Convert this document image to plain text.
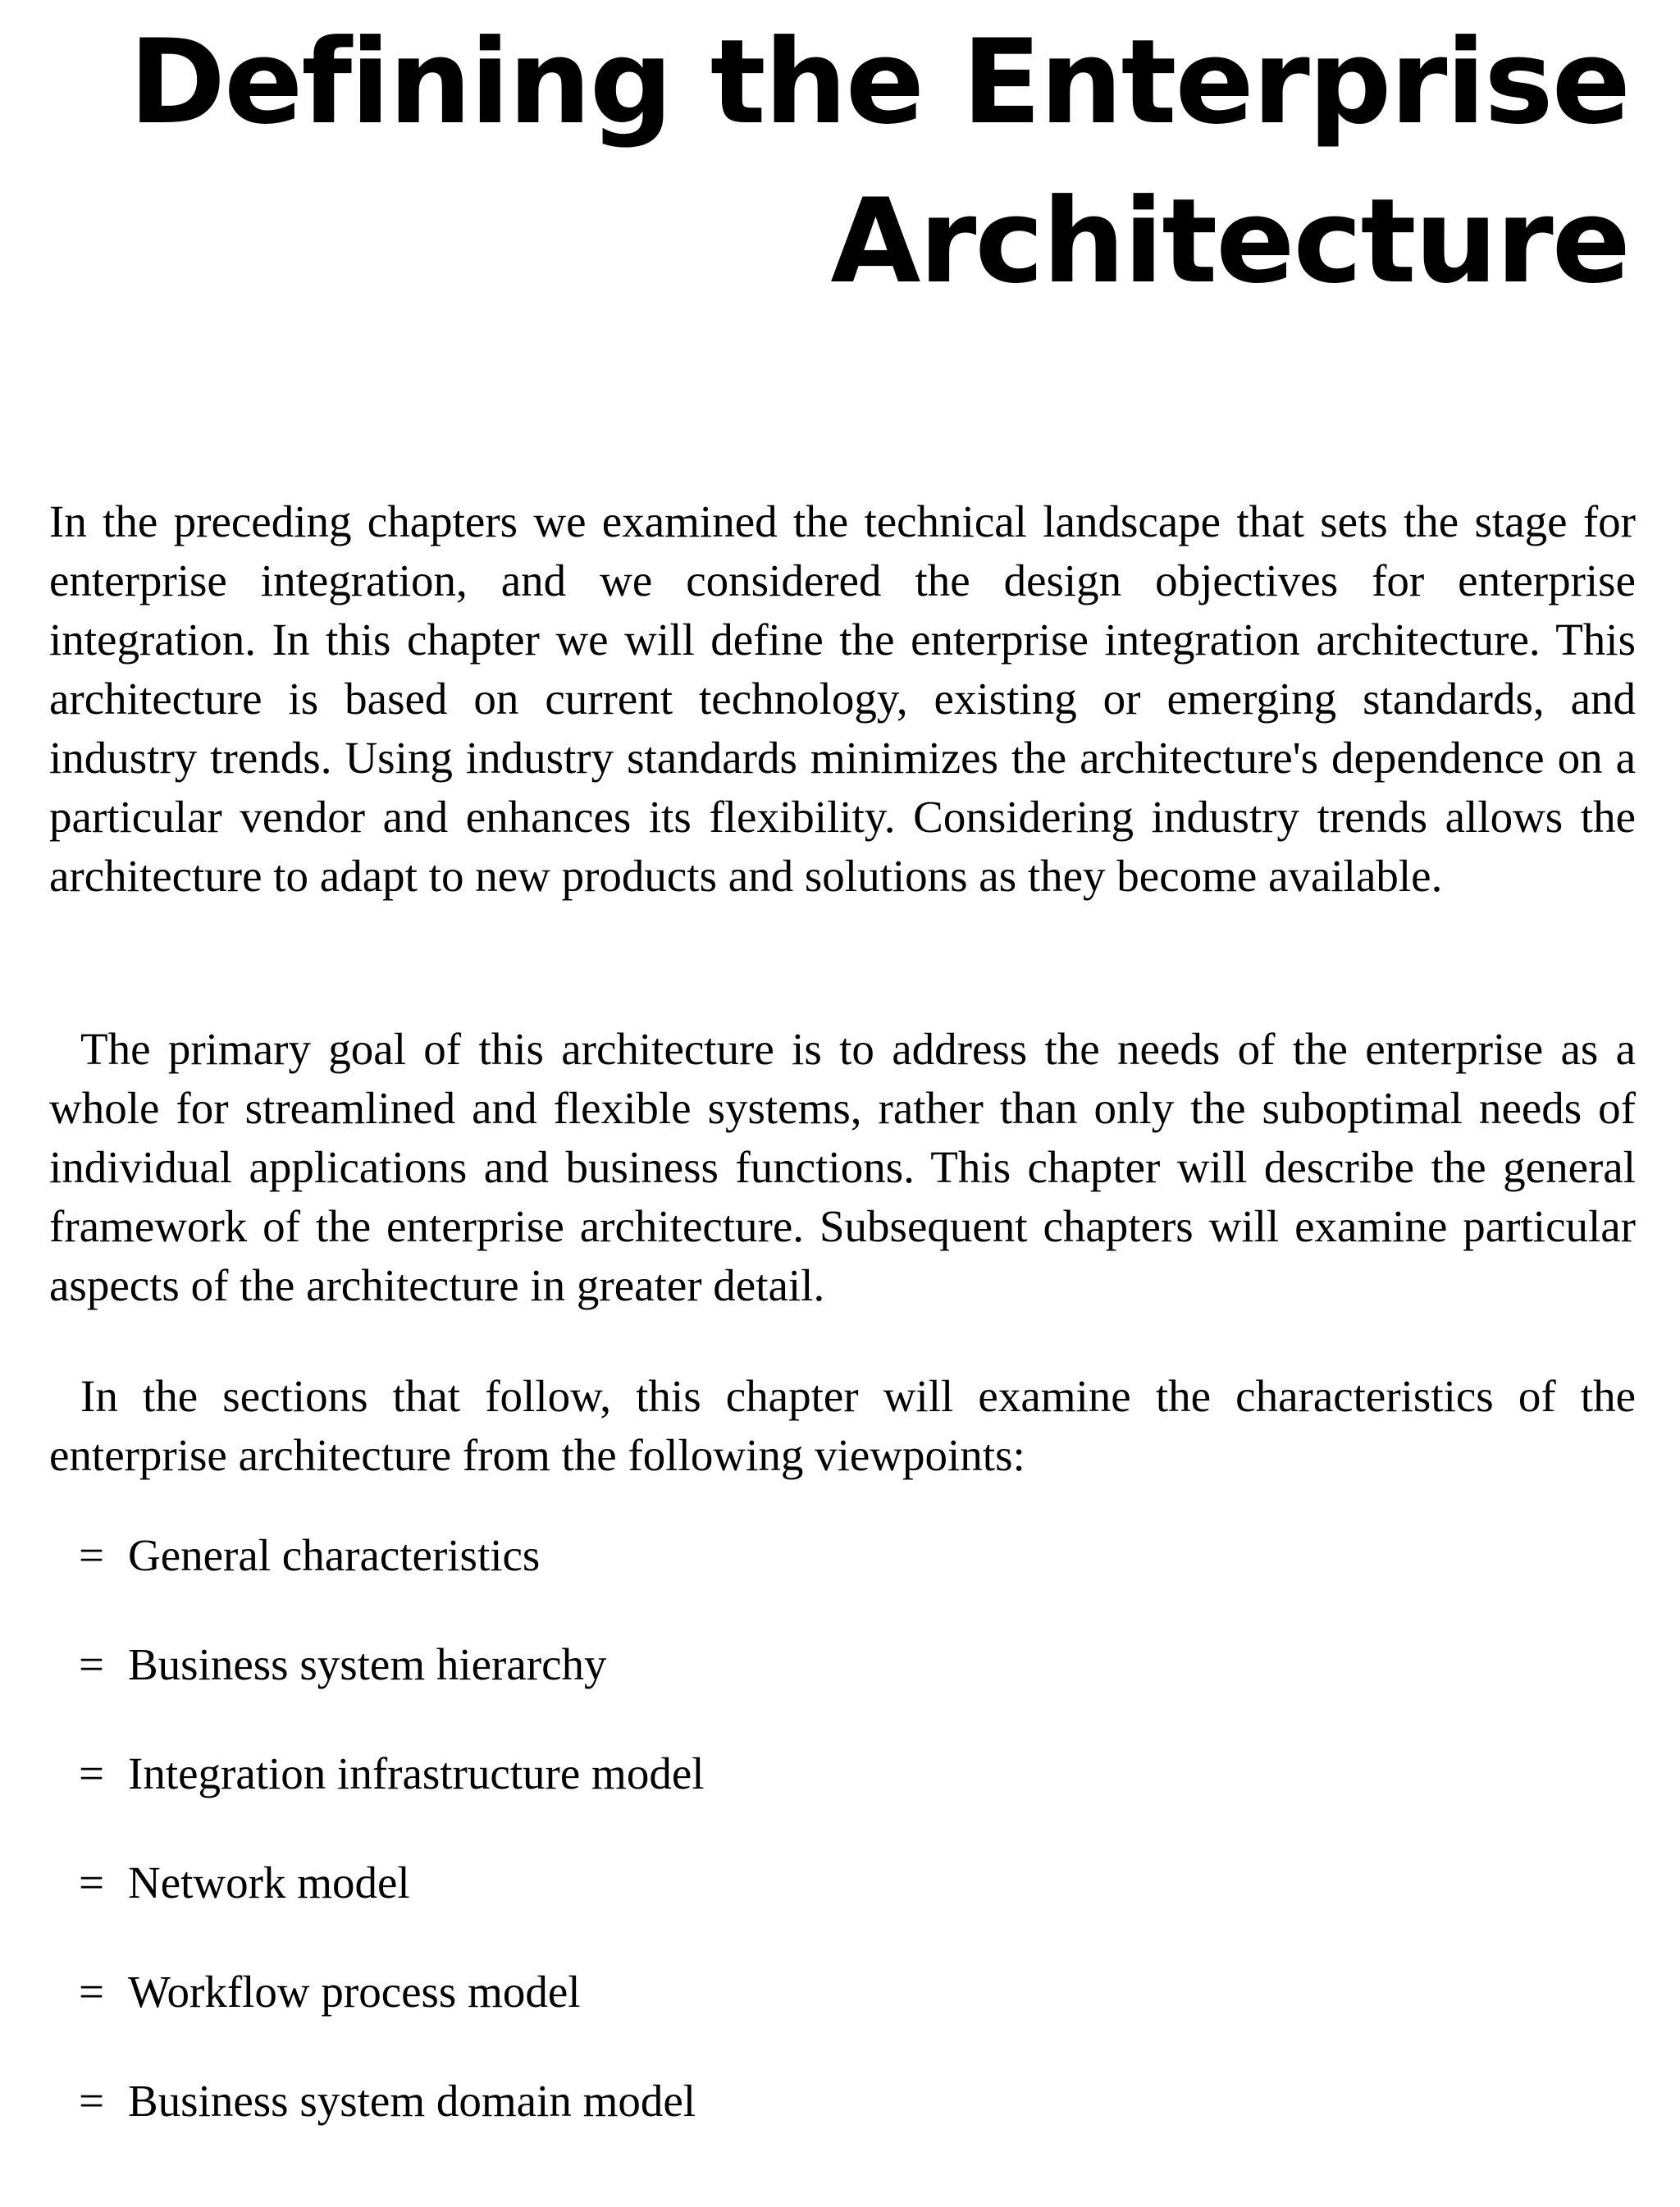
Defining the Enterprise
Architecture

In the preceding chapters we examined the technical landscape that sets the stage for enterprise integration, and we considered the design objectives for enterprise integration. In this chapter we will define the enterprise integration architecture. This architecture is based on current technology, existing or emerging standards, and industry trends. Using industry standards minimizes the architecture's dependence on a particular vendor and enhances its flexibility. Considering industry trends allows the architecture to adapt to new products and solutions as they become available.

The primary goal of this architecture is to address the needs of the enterprise as a whole for streamlined and flexible systems, rather than only the suboptimal needs of individual applications and business functions. This chapter will describe the general framework of the enterprise architecture. Subsequent chapters will examine particular aspects of the architecture in greater detail.

In the sections that follow, this chapter will examine the characteristics of the enterprise architecture from the following viewpoints:

= General characteristics
= Business system hierarchy
= Integration infrastructure model
= Network model
= Workflow process model
= Business system domain model
